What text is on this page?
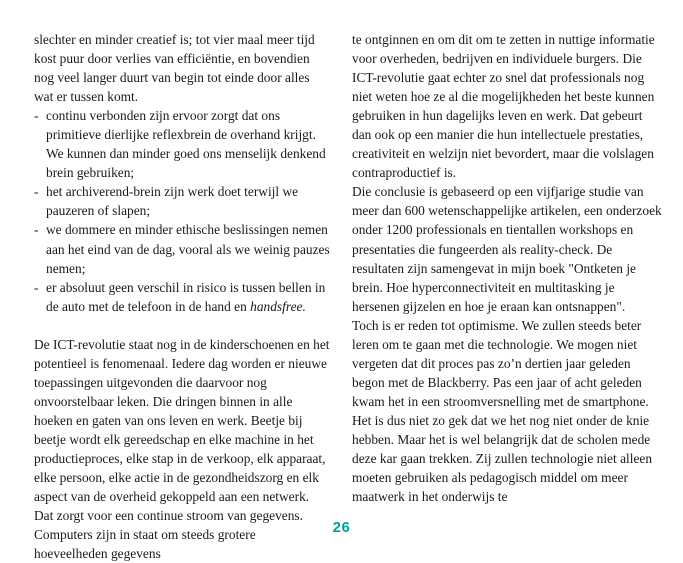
slechter en minder creatief is; tot vier maal meer tijd kost puur door verlies van efficiëntie, en bovendien nog veel langer duurt van begin tot einde door alles wat er tussen komt.

- continu verbonden zijn ervoor zorgt dat ons primitieve dierlijke reflexbrein de overhand krijgt. We kunnen dan minder goed ons menselijk denkend brein gebruiken;
- het archiverend-brein zijn werk doet terwijl we pauzeren of slapen;
- we dommere en minder ethische beslissingen nemen aan het eind van de dag, vooral als we weinig pauzes nemen;
- er absoluut geen verschil in risico is tussen bellen in de auto met de telefoon in de hand en handsfree.

De ICT-revolutie staat nog in de kinderschoenen en het potentieel is fenomenaal. Iedere dag worden er nieuwe toepassingen uitgevonden die daarvoor nog onvoorstelbaar leken. Die dringen binnen in alle hoeken en gaten van ons leven en werk. Beetje bij beetje wordt elk gereedschap en elke machine in het productieproces, elke stap in de verkoop, elk apparaat, elke persoon, elke actie in de gezondheidszorg en elk aspect van de overheid gekoppeld aan een netwerk. Dat zorgt voor een continue stroom van gegevens. Computers zijn in staat om steeds grotere hoeveelheden gegevens

te ontginnen en om dit om te zetten in nuttige informatie voor overheden, bedrijven en individuele burgers. Die ICT-revolutie gaat echter zo snel dat professionals nog niet weten hoe ze al die mogelijkheden het beste kunnen gebruiken in hun dagelijks leven en werk. Dat gebeurt dan ook op een manier die hun intellectuele prestaties, creativiteit en welzijn niet bevordert, maar die volslagen contraproductief is.

Die conclusie is gebaseerd op een vijfjarige studie van meer dan 600 wetenschappelijke artikelen, een onderzoek onder 1200 professionals en tientallen workshops en presentaties die fungeerden als reality-check. De resultaten zijn samengevat in mijn boek "Ontketen je brein. Hoe hyperconnectiviteit en multitasking je hersenen gijzelen en hoe je eraan kan ontsnappen".

Toch is er reden tot optimisme. We zullen steeds beter leren om te gaan met die technologie. We mogen niet vergeten dat dit proces pas zo’n dertien jaar geleden begon met de Blackberry. Pas een jaar of acht geleden kwam het in een stroomversnelling met de smartphone. Het is dus niet zo gek dat we het nog niet onder de knie hebben. Maar het is wel belangrijk dat de scholen mede deze kar gaan trekken. Zij zullen technologie niet alleen moeten gebruiken als pedagogisch middel om meer maatwerk in het onderwijs te

26
